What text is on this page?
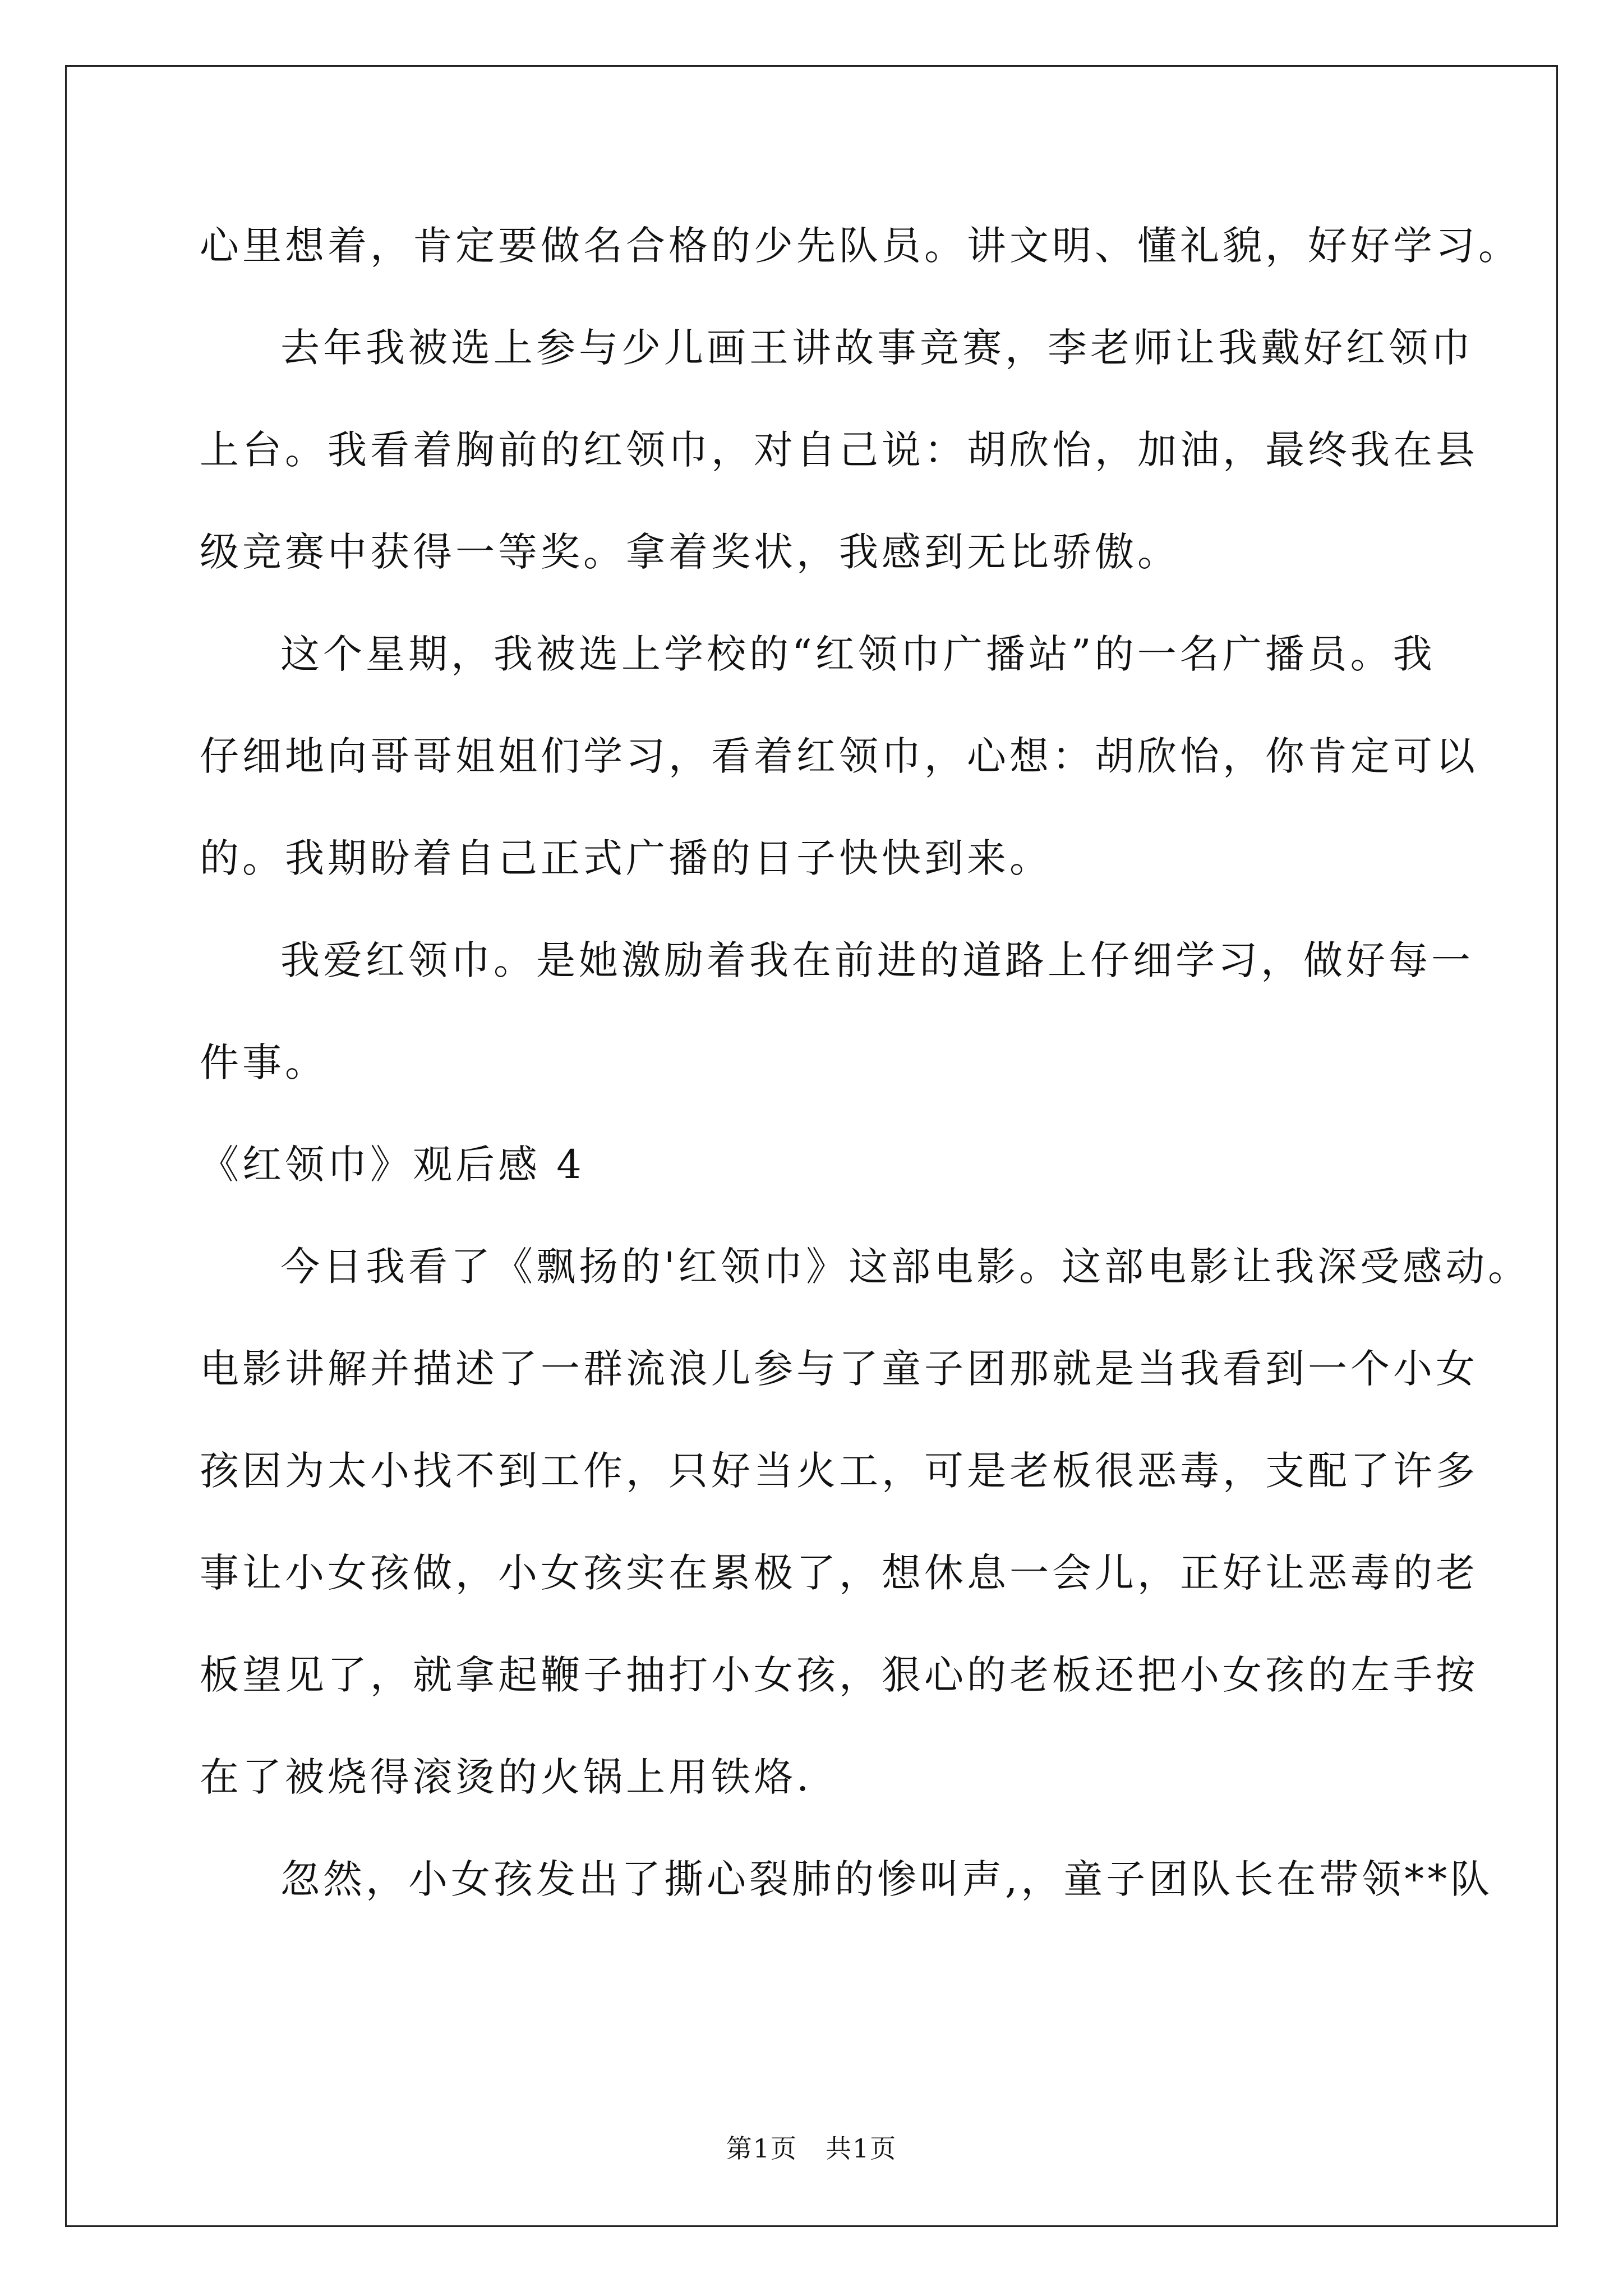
心里想着，肯定要做名合格的少先队员。讲文明、懂礼貌，好好学习。
去年我被选上参与少儿画王讲故事竞赛，李老师让我戴好红领巾
上台。我看着胸前的红领巾，对自己说：胡欣怡，加油，最终我在县
级竞赛中获得一等奖。拿着奖状，我感到无比骄傲。
这个星期，我被选上学校的“红领巾广播站”的一名广播员。我
仔细地向哥哥姐姐们学习，看着红领巾，心想：胡欣怡，你肯定可以
的。我期盼着自己正式广播的日子快快到来。
我爱红领巾。是她激励着我在前进的道路上仔细学习，做好每一
件事。
《红领巾》观后感 4
今日我看了《飘扬的'红领巾》这部电影。这部电影让我深受感动。
电影讲解并描述了一群流浪儿参与了童子团那就是当我看到一个小女
孩因为太小找不到工作，只好当火工，可是老板很恶毒，支配了许多
事让小女孩做，小女孩实在累极了，想休息一会儿，正好让恶毒的老
板望见了，就拿起鞭子抽打小女孩，狠心的老板还把小女孩的左手按
在了被烧得滚烫的火锅上用铁烙.
忽然，小女孩发出了撕心裂肺的惨叫声,，童子团队长在带领**队
第1页 共1页
